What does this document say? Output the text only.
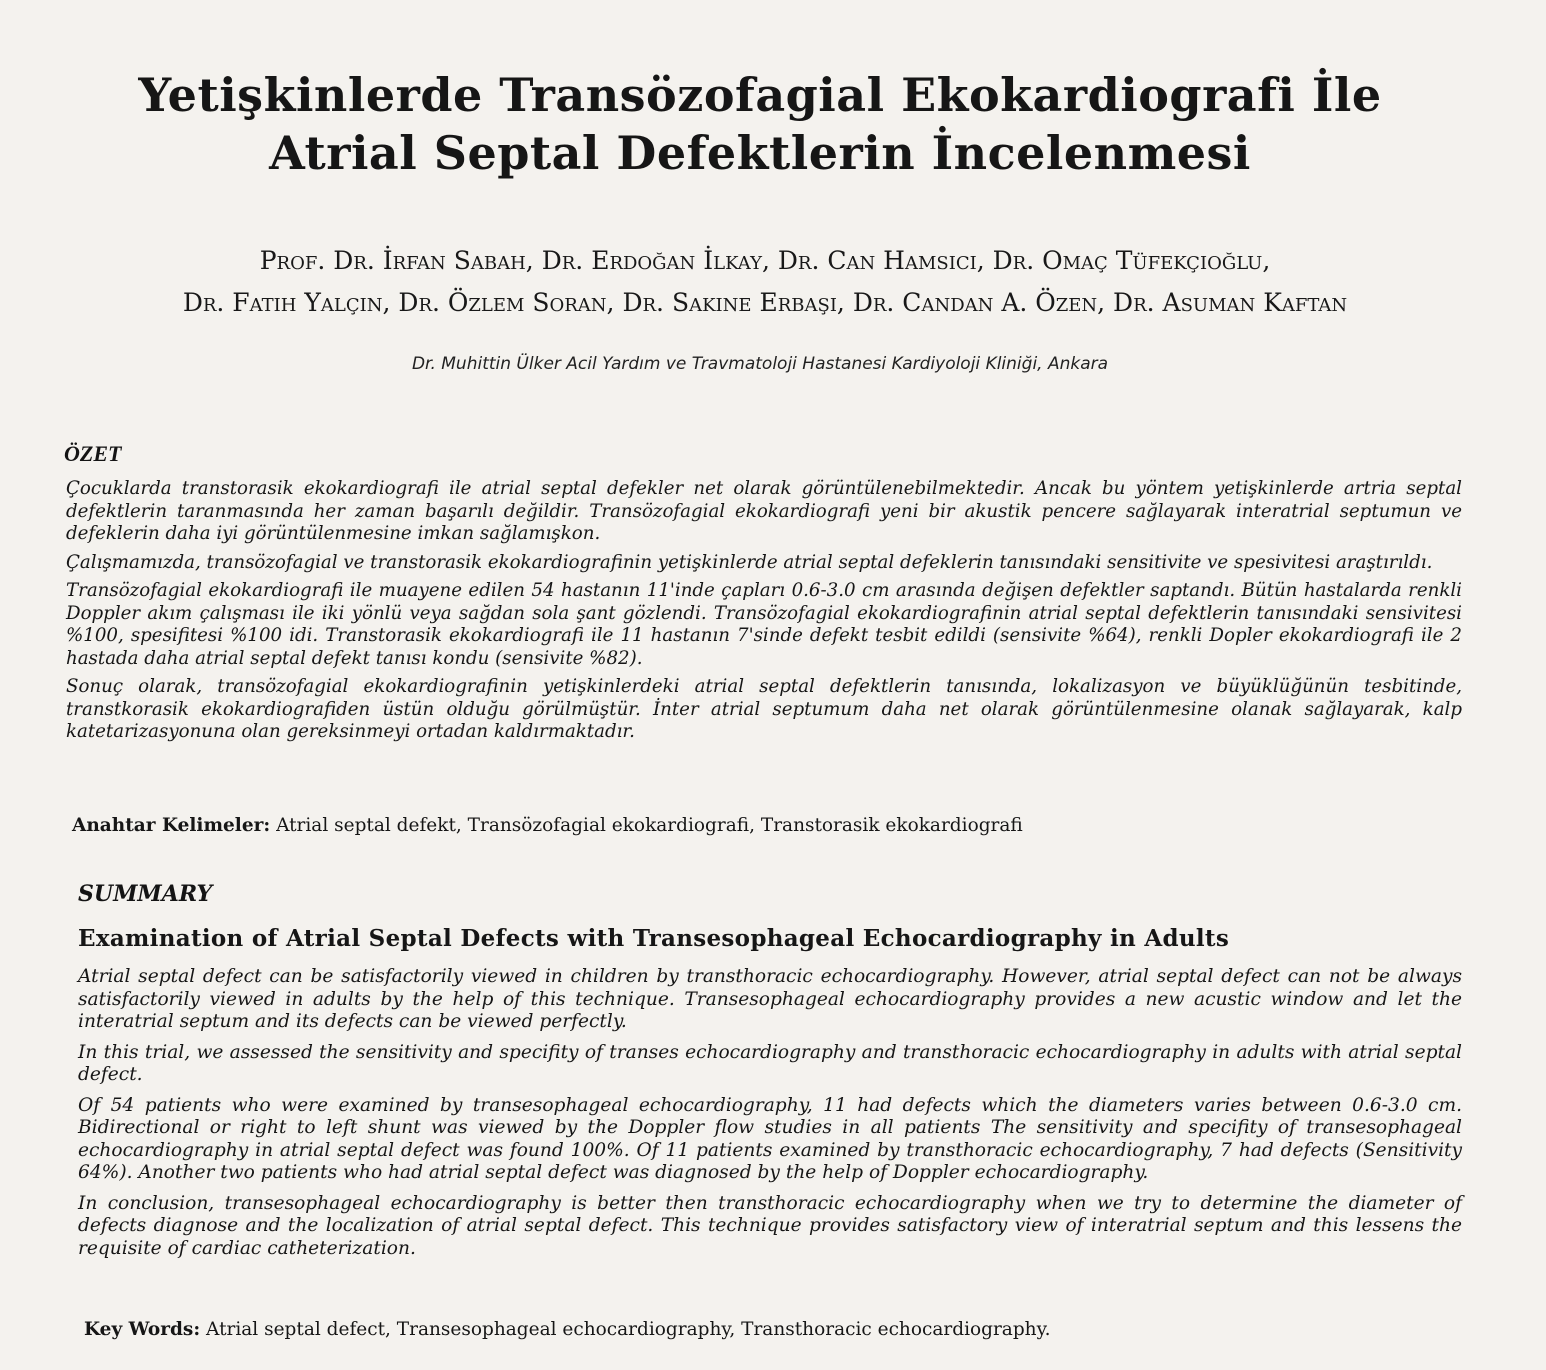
Yetişkinlerde Transözofagial Ekokardiografi İle
Atrial Septal Defektlerin İncelenmesi
Prof. Dr. İrfan Sabah, Dr. Erdoğan İlkay, Dr. Can Hamsici, Dr. Omaç Tüfekçioğlu,
Dr. Fatih Yalçın, Dr. Özlem Soran, Dr. Sakine Erbaşı, Dr. Candan A. Özen, Dr. Asuman Kaftan

Dr. Muhittin Ülker Acil Yardım ve Travmatoloji Hastanesi Kardiyoloji Kliniği, Ankara

ÖZET

Çocuklarda transtorasik ekokardiografi ile atrial septal defekler net olarak görüntülenebilmektedir. Ancak bu yöntem yetişkinlerde artria septal defektlerin taranmasında her zaman başarılı değildir. Transözofagial ekokardiografi yeni bir akustik pencere sağlayarak interatrial septumun ve defeklerin daha iyi görüntülenmesine imkan sağlamışkon.

Çalışmamızda, transözofagial ve transtorasik ekokardiografinin yetişkinlerde atrial septal defeklerin tanısındaki sensitivite ve spesivitesi araştırıldı.

Transözofagial ekokardiografi ile muayene edilen 54 hastanın 11'inde çapları 0.6-3.0 cm arasında değişen defektler saptandı. Bütün hastalarda renkli Doppler akım çalışması ile iki yönlü veya sağdan sola şant gözlendi. Transözofagial ekokardiografinin atrial septal defektlerin tanısındaki sensivitesi %100, spesifitesi %100 idi. Transtorasik ekokardiografi ile 11 hastanın 7'sinde defekt tesbit edildi (sensivite %64), renkli Dopler ekokardiografi ile 2 hastada daha atrial septal defekt tanısı kondu (sensivite %82).

Sonuç olarak, transözofagial ekokardiografinin yetişkinlerdeki atrial septal defektlerin tanısında, lokalizasyon ve büyüklüğünün tesbitinde, transtkorasik ekokardiografiden üstün olduğu görülmüştür. İnter atrial septumum daha net olarak görüntülenmesine olanak sağlayarak, kalp katetarizasyonuna olan gereksinmeyi ortadan kaldırmaktadır.

Anahtar Kelimeler: Atrial septal defekt, Transözofagial ekokardiografi, Transtorasik ekokardiografi

SUMMARY
Examination of Atrial Septal Defects with Transesophageal Echocardiography in Adults

Atrial septal defect can be satisfactorily viewed in children by transthoracic echocardiography. However, atrial septal defect can not be always satisfactorily viewed in adults by the help of this technique. Transesophageal echocardiography provides a new acustic window and let the interatrial septum and its defects can be viewed perfectly.

In this trial, we assessed the sensitivity and specifity of transes echocardiography and transthoracic echocardiography in adults with atrial septal defect.

Of 54 patients who were examined by transesophageal echocardiography, 11 had defects which the diameters varies between 0.6-3.0 cm. Bidirectional or right to left shunt was viewed by the Doppler flow studies in all patients The sensitivity and specifity of transesophageal echocardiography in atrial septal defect was found 100%. Of 11 patients examined by transthoracic echocardiography, 7 had defects (Sensitivity 64%). Another two patients who had atrial septal defect was diagnosed by the help of Doppler echocardiography.

In conclusion, transesophageal echocardiography is better then transthoracic echocardiography when we try to determine the diameter of defects diagnose and the localization of atrial septal defect. This technique provides satisfactory view of interatrial septum and this lessens the requisite of cardiac catheterization.

Key Words: Atrial septal defect, Transesophageal echocardiography, Transthoracic echocardiography.
